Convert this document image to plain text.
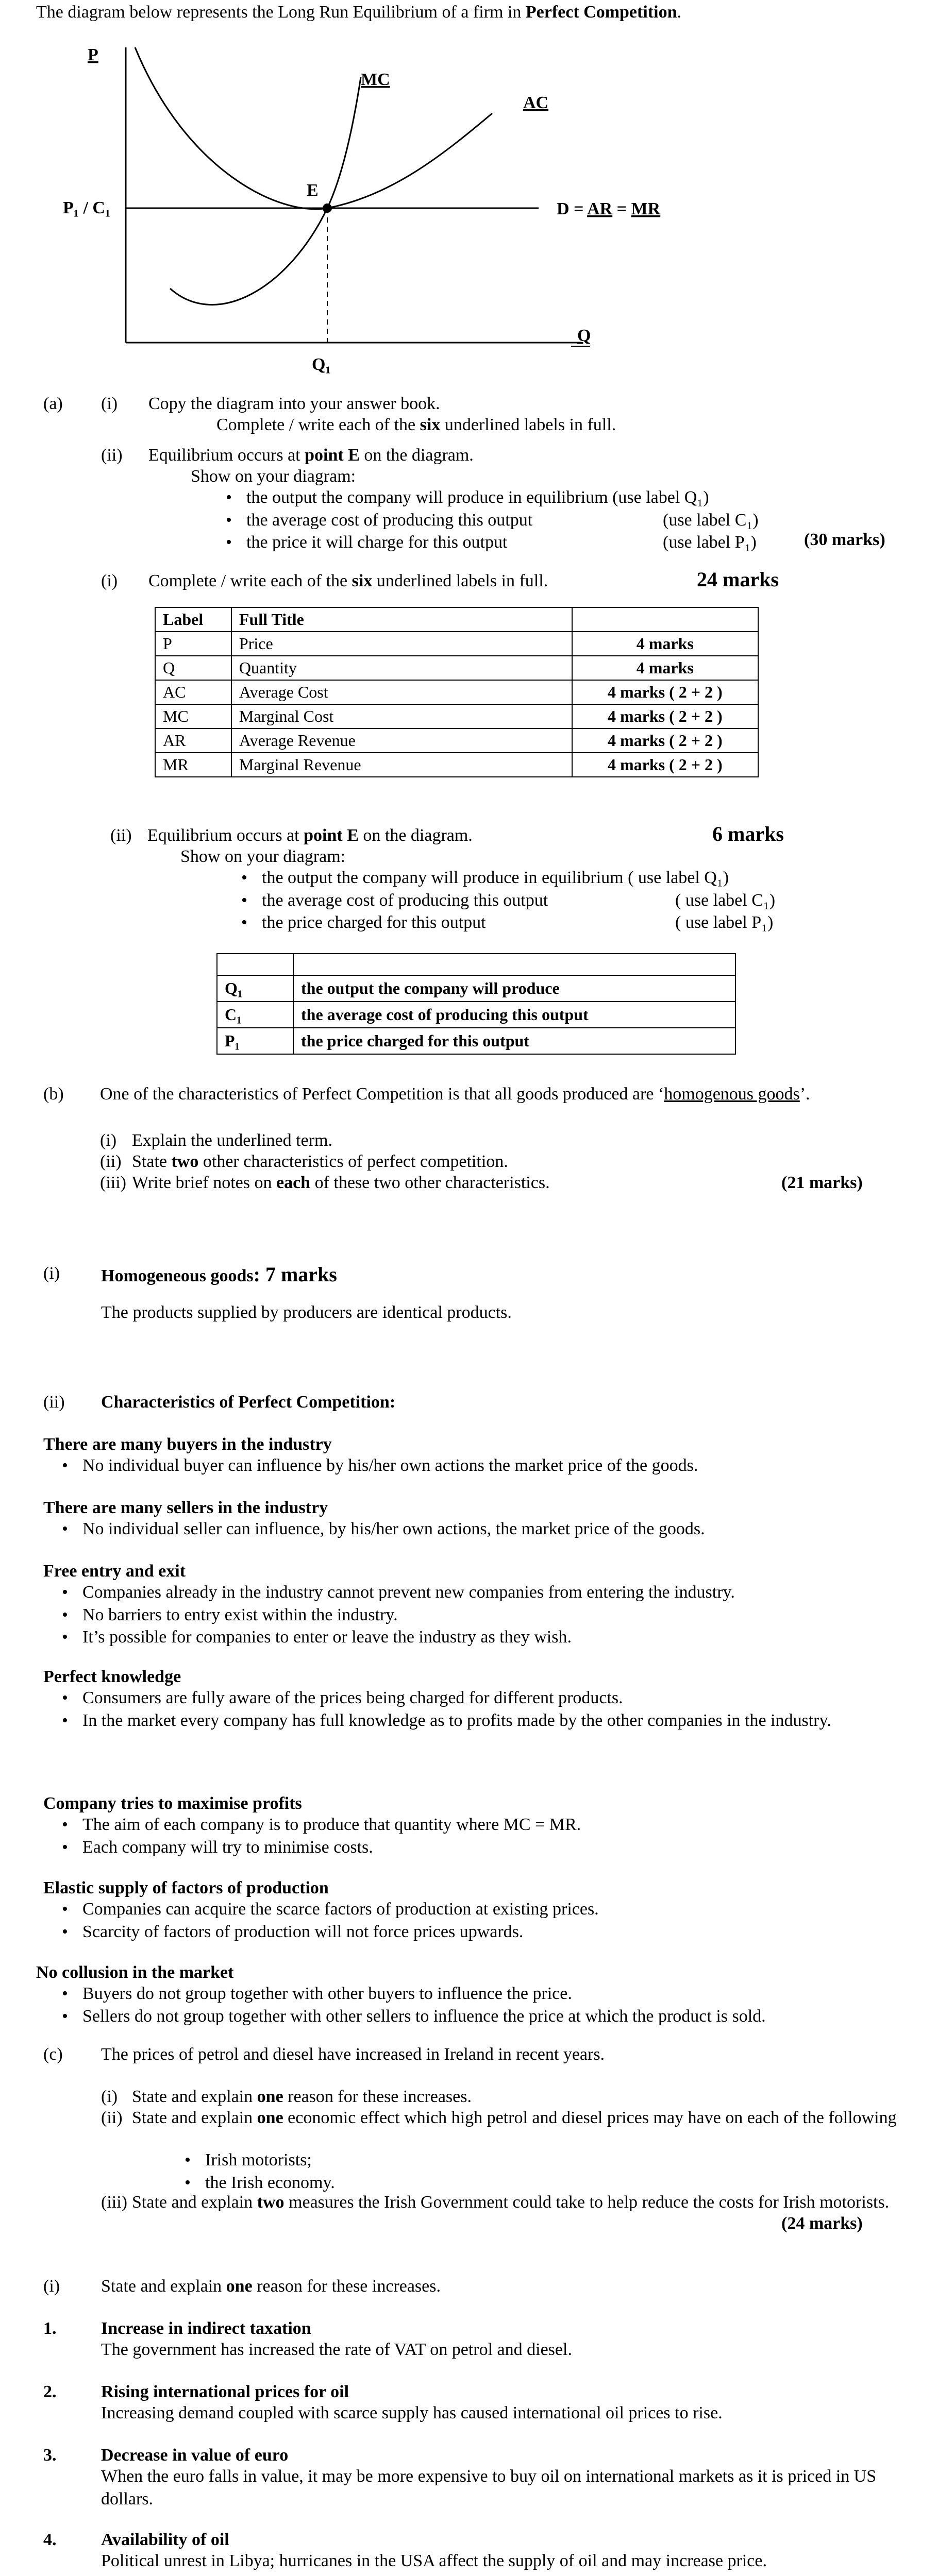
The diagram below represents the Long Run Equilibrium of a firm in Perfect Competition.
P
MC
AC
E
P₁ / C₁	D = AR = MR
Q
Q₁
(a) (i) Copy the diagram into your answer book.
Complete / write each of the six underlined labels in full.
(ii) Equilibrium occurs at point E on the diagram.
Show on your diagram:
• the output the company will produce in equilibrium (use label Q₁)
• the average cost of producing this output	(use label C₁)
• the price it will charge for this output	(use label P₁)	(30 marks)
(i) Complete / write each of the six underlined labels in full.	24 marks
Label	Full Title	
P	Price	4 marks
Q	Quantity	4 marks
AC	Average Cost	4 marks ( 2 + 2 )
MC	Marginal Cost	4 marks ( 2 + 2 )
AR	Average Revenue	4 marks ( 2 + 2 )
MR	Marginal Revenue	4 marks ( 2 + 2 )
(ii) Equilibrium occurs at point E on the diagram.	6 marks
Show on your diagram:
• the output the company will produce in equilibrium ( use label Q₁)
• the average cost of producing this output	( use label C₁)
• the price charged for this output	( use label P₁)

Q₁	the output the company will produce
C₁	the average cost of producing this output
P₁	the price charged for this output
(b) One of the characteristics of Perfect Competition is that all goods produced are ‘homogenous goods’.
(i) Explain the underlined term.
(ii) State two other characteristics of perfect competition.
(iii) Write brief notes on each of these two other characteristics.	(21 marks)
(i) Homogeneous goods: 7 marks
The products supplied by producers are identical products.
(ii) Characteristics of Perfect Competition:
There are many buyers in the industry
• No individual buyer can influence by his/her own actions the market price of the goods.
There are many sellers in the industry
• No individual seller can influence, by his/her own actions, the market price of the goods.
Free entry and exit
• Companies already in the industry cannot prevent new companies from entering the industry.
• No barriers to entry exist within the industry.
• It’s possible for companies to enter or leave the industry as they wish.
Perfect knowledge
• Consumers are fully aware of the prices being charged for different products.
• In the market every company has full knowledge as to profits made by the other companies in the industry.
Company tries to maximise profits
• The aim of each company is to produce that quantity where MC = MR.
• Each company will try to minimise costs.
Elastic supply of factors of production
• Companies can acquire the scarce factors of production at existing prices.
• Scarcity of factors of production will not force prices upwards.
No collusion in the market
• Buyers do not group together with other buyers to influence the price.
• Sellers do not group together with other sellers to influence the price at which the product is sold.
(c) The prices of petrol and diesel have increased in Ireland in recent years.
(i) State and explain one reason for these increases.
(ii) State and explain one economic effect which high petrol and diesel prices may have on each of the following
• Irish motorists;
• the Irish economy.
(iii) State and explain two measures the Irish Government could take to help reduce the costs for Irish motorists.
(24 marks)
(i) State and explain one reason for these increases.
1.	Increase in indirect taxation
The government has increased the rate of VAT on petrol and diesel.
2.	Rising international prices for oil
Increasing demand coupled with scarce supply has caused international oil prices to rise.
3.	Decrease in value of euro
When the euro falls in value, it may be more expensive to buy oil on international markets as it is priced in US dollars.
4.	Availability of oil
Political unrest in Libya; hurricanes in the USA affect the supply of oil and may increase price.
